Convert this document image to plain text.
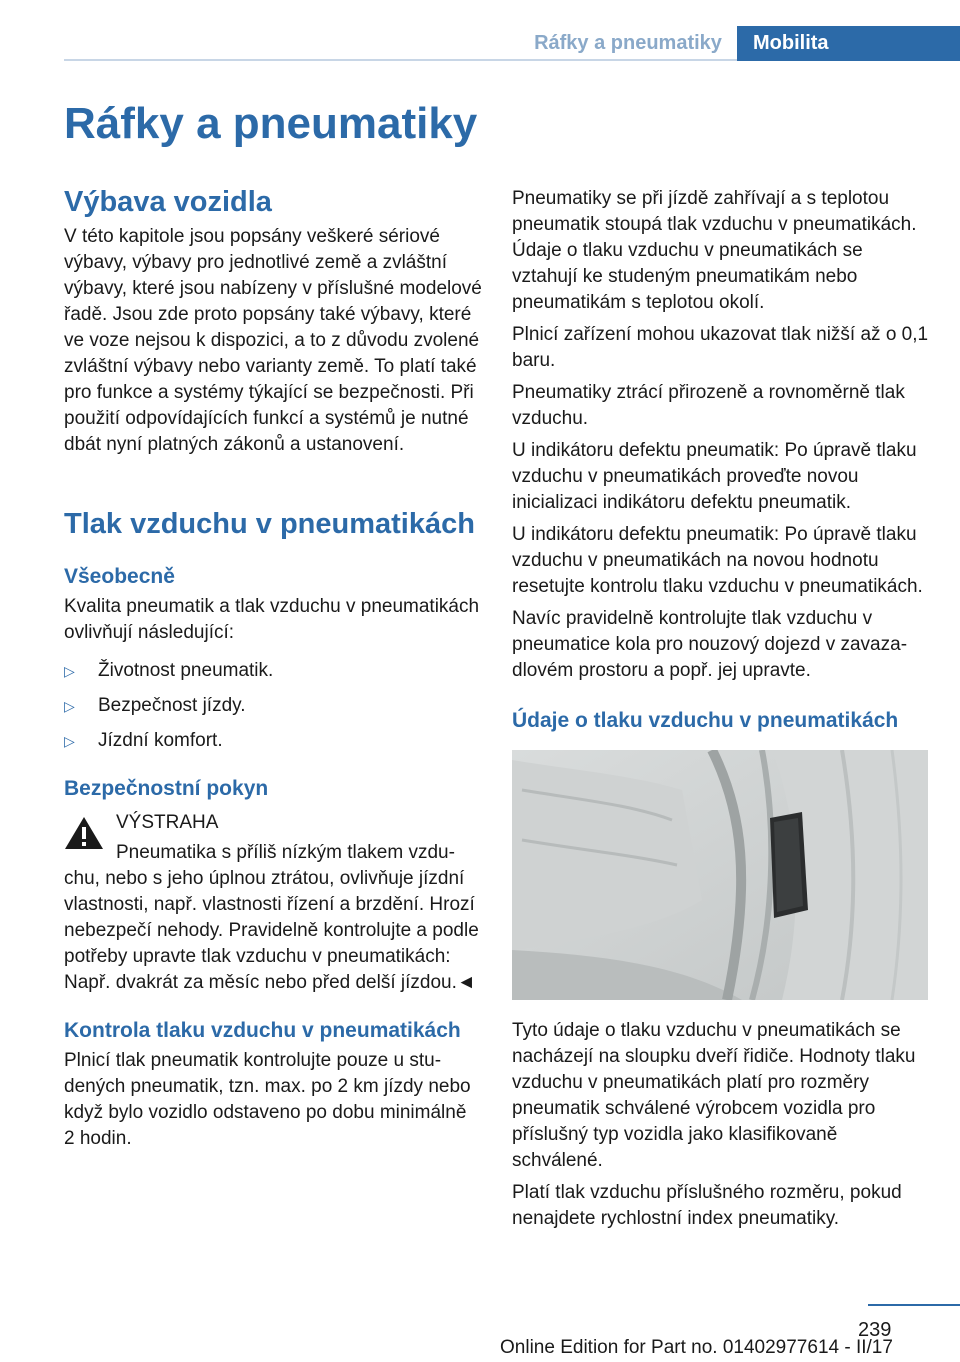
Ráfky a pneumatiky	Mobilita
Ráfky a pneumatiky
Výbava vozidla

V této kapitole jsou popsány veškeré sériové výbavy, výbavy pro jednotlivé země a zvláštní výbavy, které jsou nabízeny v příslušné modelové řadě. Jsou zde proto popsány také výbavy, které ve voze nejsou k dispozici, a to z důvodu zvolené zvláštní výbavy nebo varianty země. To platí také pro funkce a systémy týkající se bezpečnosti. Při použití odpovídajících funkcí a systémů je nutné dbát nyní platných zákonů a ustanovení.

Tlak vzduchu v pneumatikách
Všeobecně

Kvalita pneumatik a tlak vzduchu v pneumatikách ovlivňují následující:

▷ Životnost pneumatik.
▷ Bezpečnost jízdy.
▷ Jízdní komfort.
Bezpečnostní pokyn

VÝSTRAHA

Pneumatika s příliš nízkým tlakem vzduchu, nebo s jeho úplnou ztrátou, ovlivňuje jízdní vlastnosti, např. vlastnosti řízení a brzdění. Hrozí nebezpečí nehody. Pravidelně kontrolujte a podle potřeby upravte tlak vzduchu v pneumatikách: Např. dvakrát za měsíc nebo před delší jízdou.◄

Kontrola tlaku vzduchu v pneumatikách

Plnicí tlak pneumatik kontrolujte pouze u studených pneumatik, tzn. max. po 2 km jízdy nebo když bylo vozidlo odstaveno po dobu minimálně 2 hodin.

Pneumatiky se při jízdě zahřívají a s teplotou pneumatik stoupá tlak vzduchu v pneumatikách. Údaje o tlaku vzduchu v pneumatikách se vztahují ke studeným pneumatikám nebo pneumatikám s teplotou okolí.

Plnicí zařízení mohou ukazovat tlak nižší až o 0,1 baru.

Pneumatiky ztrácí přirozeně a rovnoměrně tlak vzduchu.

U indikátoru defektu pneumatik: Po úpravě tlaku vzduchu v pneumatikách proveďte novou inicializaci indikátoru defektu pneumatik.

U indikátoru defektu pneumatik: Po úpravě tlaku vzduchu v pneumatikách na novou hodnotu resetujte kontrolu tlaku vzduchu v pneumatikách.

Navíc pravidelně kontrolujte tlak vzduchu v pneumatice kola pro nouzový dojezd v zavazadlovém prostoru a popř. jej upravte.

Údaje o tlaku vzduchu v pneumatikách

Tyto údaje o tlaku vzduchu v pneumatikách se nacházejí na sloupku dveří řidiče. Hodnoty tlaku vzduchu v pneumatikách platí pro rozměry pneumatik schválené výrobcem vozidla pro příslušný typ vozidla jako klasifikovaně schválené.

Platí tlak vzduchu příslušného rozměru, pokud nenajdete rychlostní index pneumatiky.

239
Online Edition for Part no. 01402977614 - II/17
